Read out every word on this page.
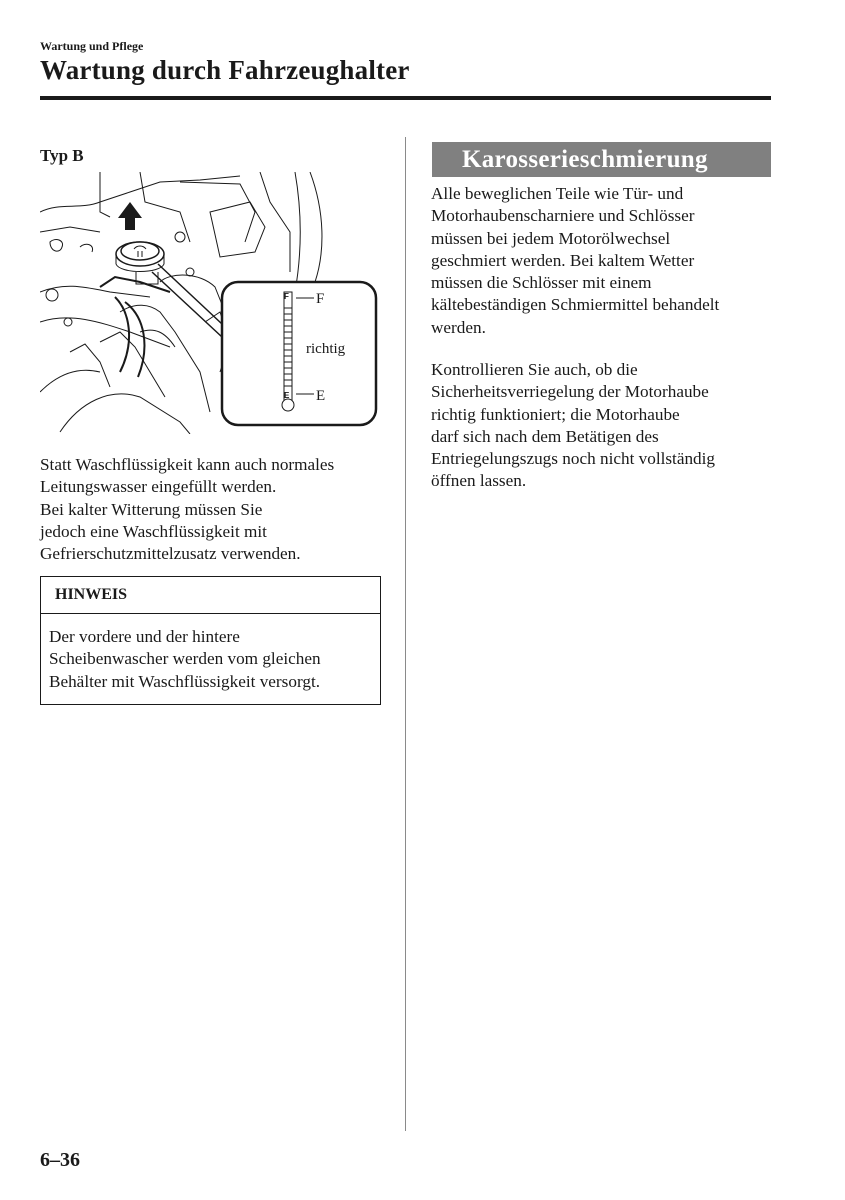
Wartung und Pflege
Wartung durch Fahrzeughalter
Typ B
F
E
F
richtig
E
Statt Waschflüssigkeit kann auch normales
Leitungswasser eingefüllt werden.
Bei kalter Witterung müssen Sie
jedoch eine Waschflüssigkeit mit
Gefrierschutzmittelzusatz verwenden.
HINWEIS
Der vordere und der hintere
Scheibenwascher werden vom gleichen
Behälter mit Waschflüssigkeit versorgt.
Karosserieschmierung
Alle beweglichen Teile wie Tür- und
Motorhaubenscharniere und Schlösser
müssen bei jedem Motorölwechsel
geschmiert werden. Bei kaltem Wetter
müssen die Schlösser mit einem
kältebeständigen Schmiermittel behandelt
werden.
Kontrollieren Sie auch, ob die
Sicherheitsverriegelung der Motorhaube
richtig funktioniert; die Motorhaube
darf sich nach dem Betätigen des
Entriegelungszugs noch nicht vollständig
öffnen lassen.
6–36
